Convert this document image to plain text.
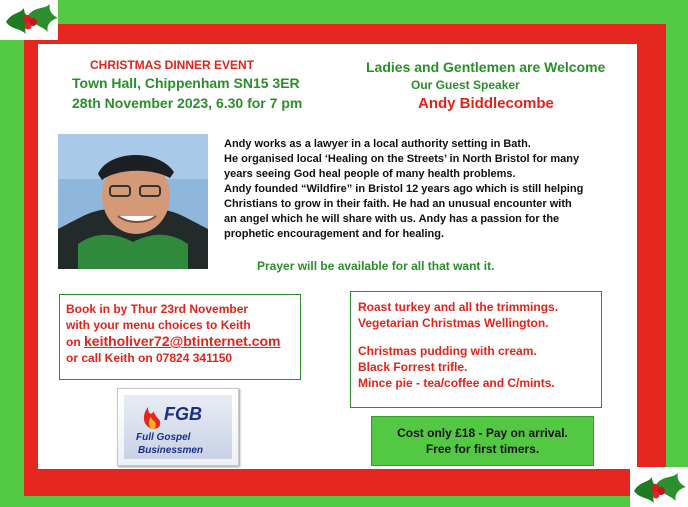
CHRISTMAS DINNER EVENT
Town Hall, Chippenham SN15 3ER
28th November 2023, 6.30 for 7 pm
Ladies and Gentlemen are Welcome
Our Guest Speaker
Andy Biddlecombe

Andy works as a lawyer in a local authority setting in Bath.

He organised local ‘Healing on the Streets’ in North Bristol for many

years seeing God heal people of many health problems.

Andy founded “Wildfire” in Bristol 12 years ago which is still helping

Christians to grow in their faith. He had an unusual encounter with

an angel which he will share with us. Andy has a passion for the

prophetic encouragement and for healing.

Prayer will be available for all that want it.

Book in by Thur 23rd November

with your menu choices to Keith

on keitholiver72@btinternet.com

or call Keith on 07824 341150

Roast turkey and all the trimmings.

Vegetarian Christmas Wellington.

Christmas pudding with cream.

Black Forrest trifle.

Mince pie - tea/coffee and C/mints.

FGB
Full Gospel
Businessmen

Cost only £18 - Pay on arrival.

Free for first timers.
